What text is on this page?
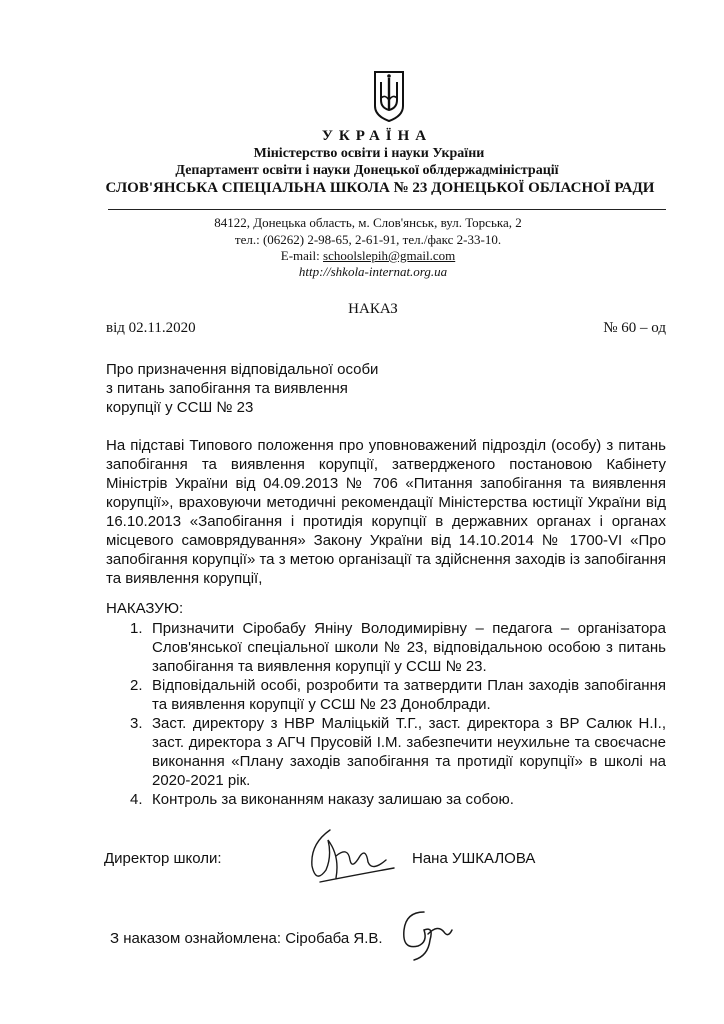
УКРАЇНА
Міністерство освіти і науки України
Департамент освіти і науки Донецької облдержадміністрації
СЛОВ'ЯНСЬКА СПЕЦІАЛЬНА ШКОЛА № 23 ДОНЕЦЬКОЇ ОБЛАСНОЇ РАДИ
84122, Донецька область, м. Слов'янськ, вул. Торська, 2
тел.: (06262) 2-98-65, 2-61-91, тел./факс 2-33-10.
E-mail: schoolslepih@gmail.com
http://shkola-internat.org.ua
НАКАЗ
від 02.11.2020	№ 60 – од
Про призначення відповідальної особи
з питань запобігання та виявлення
корупції у ССШ № 23
На підставі Типового положення про уповноважений підрозділ (особу) з питань запобігання та виявлення корупції, затвердженого постановою Кабінету Міністрів України від 04.09.2013 № 706 «Питання запобігання та виявлення корупції», враховуючи методичні рекомендації Міністерства юстиції України від 16.10.2013 «Запобігання і протидія корупції в державних органах і органах місцевого самоврядування» Закону України від 14.10.2014 № 1700-VI «Про запобігання корупції» та з метою організації та здійснення заходів із запобігання та виявлення корупції,
НАКАЗУЮ:
1. Призначити Сіробабу Яніну Володимирівну – педагога – організатора Слов'янської спеціальної школи № 23, відповідальною особою з питань запобігання та виявлення корупції у ССШ № 23.
2. Відповідальній особі, розробити та затвердити План заходів запобігання та виявлення корупції у ССШ № 23 Доноблради.
3. Заст. директору з НВР Маліцькій Т.Г., заст. директора з ВР Салюк Н.І., заст. директора з АГЧ Прусовій І.М. забезпечити неухильне та своєчасне виконання «Плану заходів запобігання та протидії корупції» в школі на 2020-2021 рік.
4. Контроль за виконанням наказу залишаю за собою.
Директор школи:	Нана УШКАЛОВА
З наказом ознайомлена: Сіробаба Я.В.
